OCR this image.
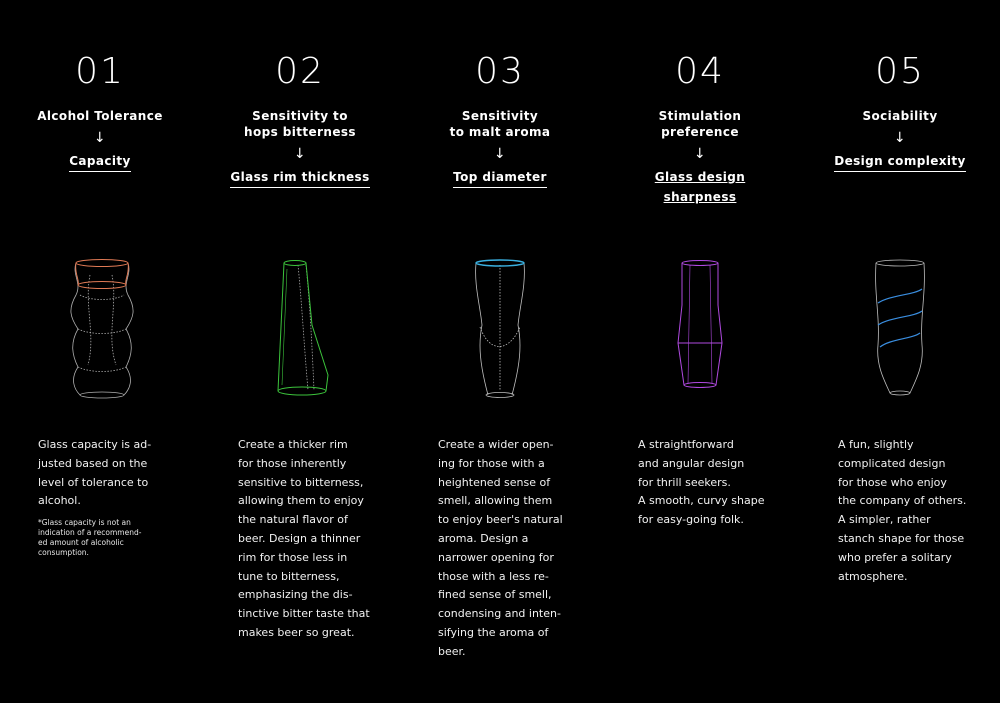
01
Alcohol Tolerance
↓
Capacity
Glass capacity is ad-
justed based on the
level of tolerance to
alcohol.
*Glass capacity is not an
indication of a recommend-
ed amount of alcoholic
consumption.
02
Sensitivity to
hops bitterness
↓
Glass rim thickness
Create a thicker rim
for those inherently
sensitive to bitterness,
allowing them to enjoy
the natural flavor of
beer. Design a thinner
rim for those less in
tune to bitterness,
emphasizing the dis-
tinctive bitter taste that
makes beer so great.
03
Sensitivity
to malt aroma
↓
Top diameter
Create a wider open-
ing for those with a
heightened sense of
smell, allowing them
to enjoy beer's natural
aroma. Design a
narrower opening for
those with a less re-
fined sense of smell,
condensing and inten-
sifying the aroma of
beer.
04
Stimulation
preference
↓
Glass design
sharpness
A straightforward
and angular design
for thrill seekers.
A smooth, curvy shape
for easy-going folk.
05
Sociability
↓
Design complexity
A fun, slightly
complicated design
for those who enjoy
the company of others.
A simpler, rather
stanch shape for those
who prefer a solitary
atmosphere.
